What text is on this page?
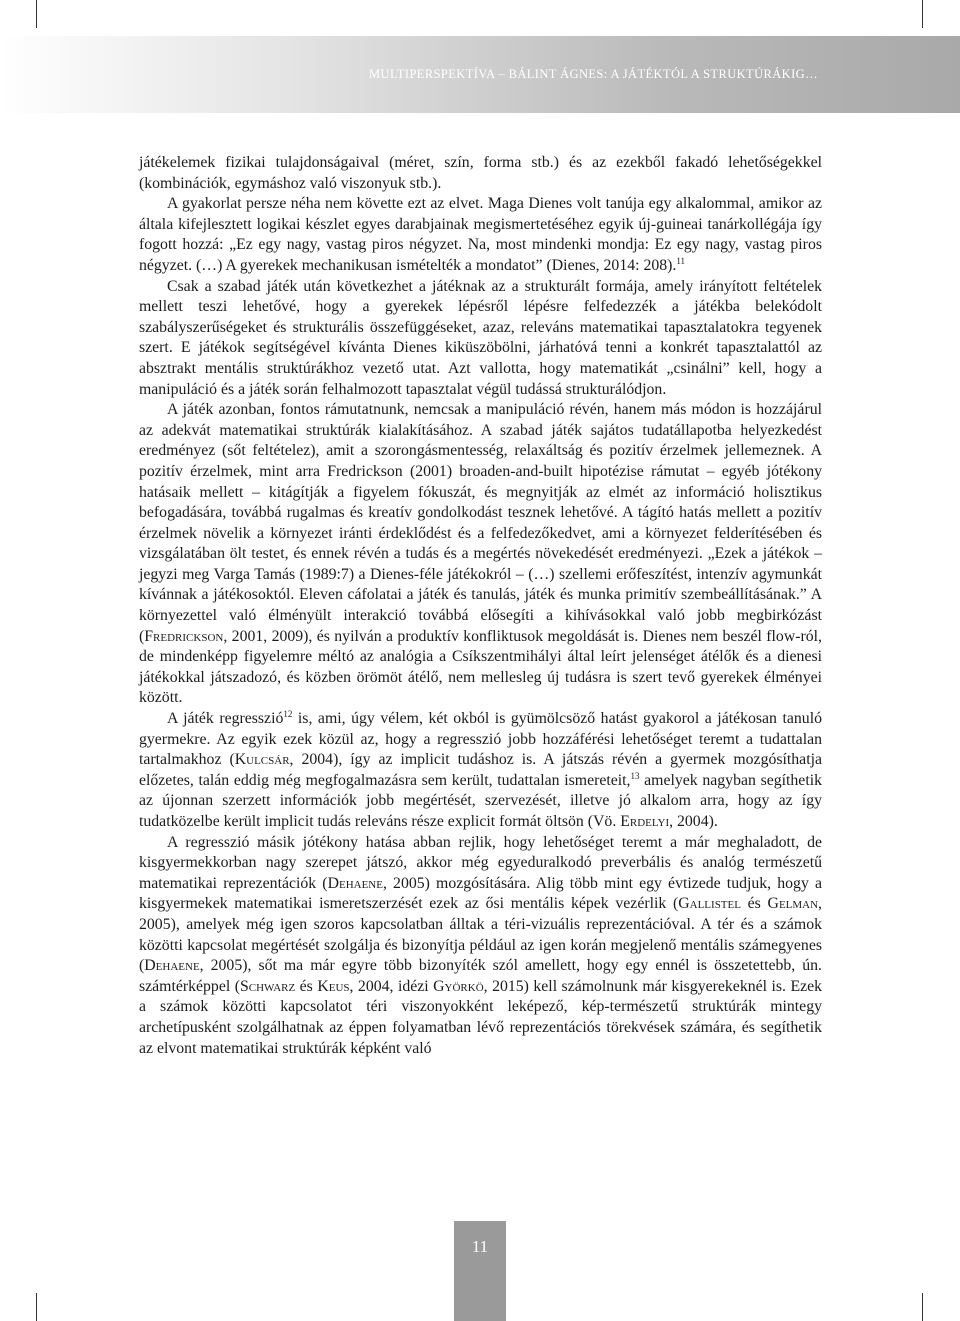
MULTIPERSPEKTÍVA – BÁLINT ÁGNES: A JÁTÉKTÓL A STRUKTÚRÁKIG…

játékelemek fizikai tulajdonságaival (méret, szín, forma stb.) és az ezekből fakadó lehetőségekkel (kombinációk, egymáshoz való viszonyuk stb.).

A gyakorlat persze néha nem követte ezt az elvet. Maga Dienes volt tanúja egy alkalommal, amikor az általa kifejlesztett logikai készlet egyes darabjainak megismertetéséhez egyik új-guineai tanárkollégája így fogott hozzá: „Ez egy nagy, vastag piros négyzet. Na, most mindenki mondja: Ez egy nagy, vastag piros négyzet. (…) A gyerekek mechanikusan ismételték a mondatot” (Dienes, 2014: 208).$^{11}$

Csak a szabad játék után következhet a játéknak az a strukturált formája, amely irányított feltételek mellett teszi lehetővé, hogy a gyerekek lépésről lépésre felfedezzék a játékba belekódolt szabályszerűségeket és strukturális összefüggéseket, azaz, releváns matematikai tapasztalatokra tegyenek szert. E játékok segítségével kívánta Dienes kiküszöbölni, járhatóvá tenni a konkrét tapasztalattól az absztrakt mentális struktúrákhoz vezető utat. Azt vallotta, hogy matematikát „csinálni” kell, hogy a manipuláció és a játék során felhalmozott tapasztalat végül tudássá strukturálódjon.

A játék azonban, fontos rámutatnunk, nemcsak a manipuláció révén, hanem más módon is hozzájárul az adekvát matematikai struktúrák kialakításához. A szabad játék sajátos tudatállapotba helyezkedést eredményez (sőt feltételez), amit a szorongásmentesség, relaxáltság és pozitív érzelmek jellemeznek. A pozitív érzelmek, mint arra Fredrickson (2001) broaden-and-built hipotézise rámutat – egyéb jótékony hatásaik mellett – kitágítják a figyelem fókuszát, és megnyitják az elmét az információ holisztikus befogadására, továbbá rugalmas és kreatív gondolkodást tesznek lehetővé. A tágító hatás mellett a pozitív érzelmek növelik a környezet iránti érdeklődést és a felfedezőkedvet, ami a környezet felderítésében és vizsgálatában ölt testet, és ennek révén a tudás és a megértés növekedését eredményezi. „Ezek a játékok – jegyzi meg Varga Tamás (1989:7) a Dienes-féle játékokról – (…) szellemi erőfeszítést, intenzív agymunkát kívánnak a játékosoktól. Eleven cáfolatai a játék és tanulás, játék és munka primitív szembeállításának.” A környezettel való élményült interakció továbbá elősegíti a kihívásokkal való jobb megbirkózást (Fredrickson, 2001, 2009), és nyilván a produktív konfliktusok megoldását is. Dienes nem beszél flow-ról, de mindenképp figyelemre méltó az analógia a Csíkszentmihályi által leírt jelenséget átélők és a dienesi játékokkal játszadozó, és közben örömöt átélő, nem mellesleg új tudásra is szert tevő gyerekek élményei között.

A játék regresszió$^{12}$ is, ami, úgy vélem, két okból is gyümölcsöző hatást gyakorol a játékosan tanuló gyermekre. Az egyik ezek közül az, hogy a regresszió jobb hozzáférési lehetőséget teremt a tudattalan tartalmakhoz (Kulcsár, 2004), így az implicit tudáshoz is. A játszás révén a gyermek mozgósíthatja előzetes, talán eddig még megfogalmazásra sem került, tudattalan ismereteit,$^{13}$ amelyek nagyban segíthetik az újonnan szerzett információk jobb megértését, szervezését, illetve jó alkalom arra, hogy az így tudatközelbe került implicit tudás releváns része explicit formát öltsön (Vö. Erdelyi, 2004).

A regresszió másik jótékony hatása abban rejlik, hogy lehetőséget teremt a már meghaladott, de kisgyermekkorban nagy szerepet játszó, akkor még egyeduralkodó preverbális és analóg természetű matematikai reprezentációk (Dehaene, 2005) mozgósítására. Alig több mint egy évtizede tudjuk, hogy a kisgyermekek matematikai ismeretszerzését ezek az ősi mentális képek vezérlik (Gallistel és Gelman, 2005), amelyek még igen szoros kapcsolatban álltak a téri-vizuális reprezentációval. A tér és a számok közötti kapcsolat megértését szolgálja és bizonyítja például az igen korán megjelenő mentális számegyenes (Dehaene, 2005), sőt ma már egyre több bizonyíték szól amellett, hogy egy ennél is összetettebb, ún. számtérképpel (Schwarz és Keus, 2004, idézi Györkö, 2015) kell számolnunk már kisgyerekeknél is. Ezek a számok közötti kapcsolatot téri viszonyokként leképező, kép-természetű struktúrák mintegy archetípusként szolgálhatnak az éppen folyamatban lévő reprezentációs törekvések számára, és segíthetik az elvont matematikai struktúrák képként való

11
